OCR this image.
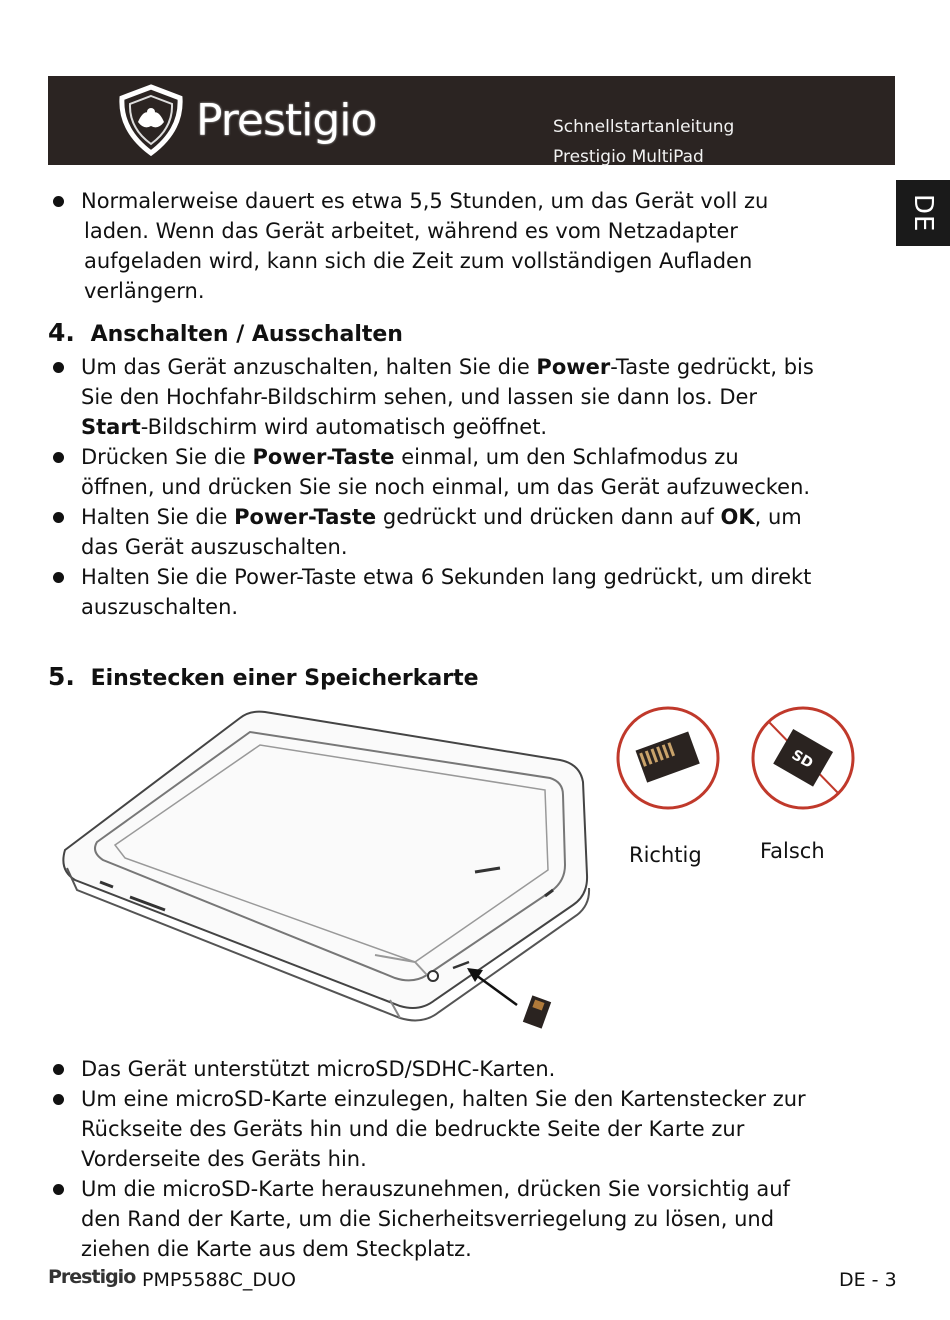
Prestigio	Schnellstartanleitung
Prestigio MultiPad
DE
Normalerweise dauert es etwa 5,5 Stunden, um das Gerät voll zu
laden. Wenn das Gerät arbeitet, während es vom Netzadapter
aufgeladen wird, kann sich die Zeit zum vollständigen Aufladen
verlängern.
4. Anschalten / Ausschalten
Um das Gerät anzuschalten, halten Sie die Power-Taste gedrückt, bis
Sie den Hochfahr-Bildschirm sehen, und lassen sie dann los. Der
Start-Bildschirm wird automatisch geöffnet.
Drücken Sie die Power-Taste einmal, um den Schlafmodus zu
öffnen, und drücken Sie sie noch einmal, um das Gerät aufzuwecken.
Halten Sie die Power-Taste gedrückt und drücken dann auf OK, um
das Gerät auszuschalten.
Halten Sie die Power-Taste etwa 6 Sekunden lang gedrückt, um direkt
auszuschalten.
5. Einstecken einer Speicherkarte
SD
Richtig	Falsch
Das Gerät unterstützt microSD/SDHC-Karten.
Um eine microSD-Karte einzulegen, halten Sie den Kartenstecker zur
Rückseite des Geräts hin und die bedruckte Seite der Karte zur
Vorderseite des Geräts hin.
Um die microSD-Karte herauszunehmen, drücken Sie vorsichtig auf
den Rand der Karte, um die Sicherheitsverriegelung zu lösen, und
ziehen die Karte aus dem Steckplatz.
Prestigio PMP5588C_DUO	DE - 3
